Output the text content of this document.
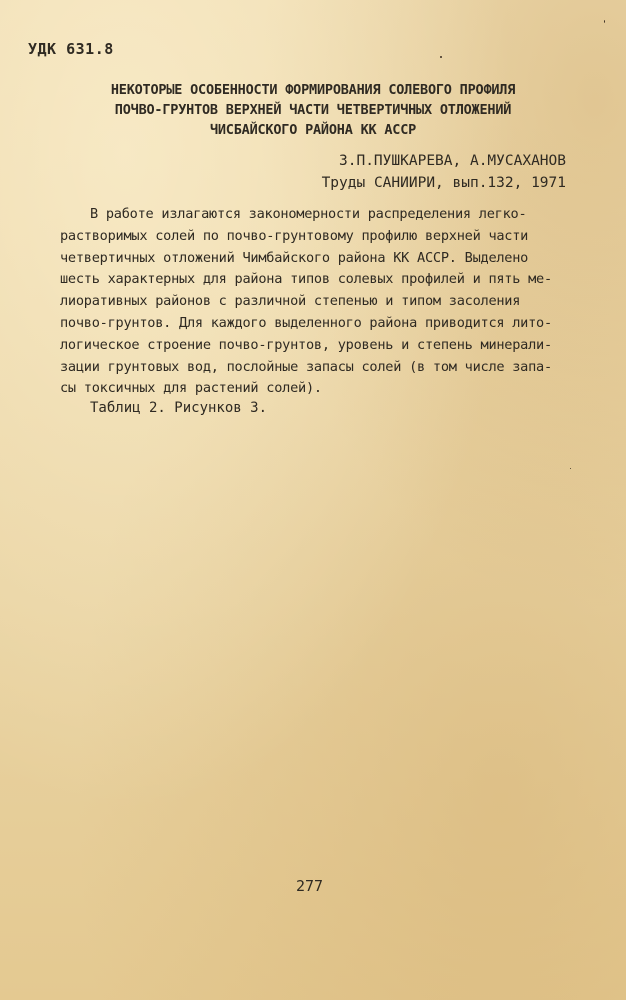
УДК 631.8
НЕКОТОРЫЕ ОСОБЕННОСТИ ФОРМИРОВАНИЯ СОЛЕВОГО ПРОФИЛЯ
ПОЧВО-ГРУНТОВ ВЕРХНЕЙ ЧАСТИ ЧЕТВЕРТИЧНЫХ ОТЛОЖЕНИЙ
ЧИСБАЙСКОГО РАЙОНА КК АССР
З.П.ПУШКАРЕВА, А.МУСАХАНОВ
Труды САНИИРИ, вып.132, 1971
В работе излагаются закономерности распределения легко-
растворимых солей по почво-грунтовому профилю верхней части
четвертичных отложений Чимбайского района КК АССР. Выделено
шесть характерных для района типов солевых профилей и пять ме-
лиоративных районов с различной степенью и типом засоления
почво-грунтов. Для каждого выделенного района приводится лито-
логическое строение почво-грунтов, уровень и степень минерали-
зации грунтовых вод, послойные запасы солей (в том числе запа-
сы токсичных для растений солей).
Таблиц 2. Рисунков 3.
277
